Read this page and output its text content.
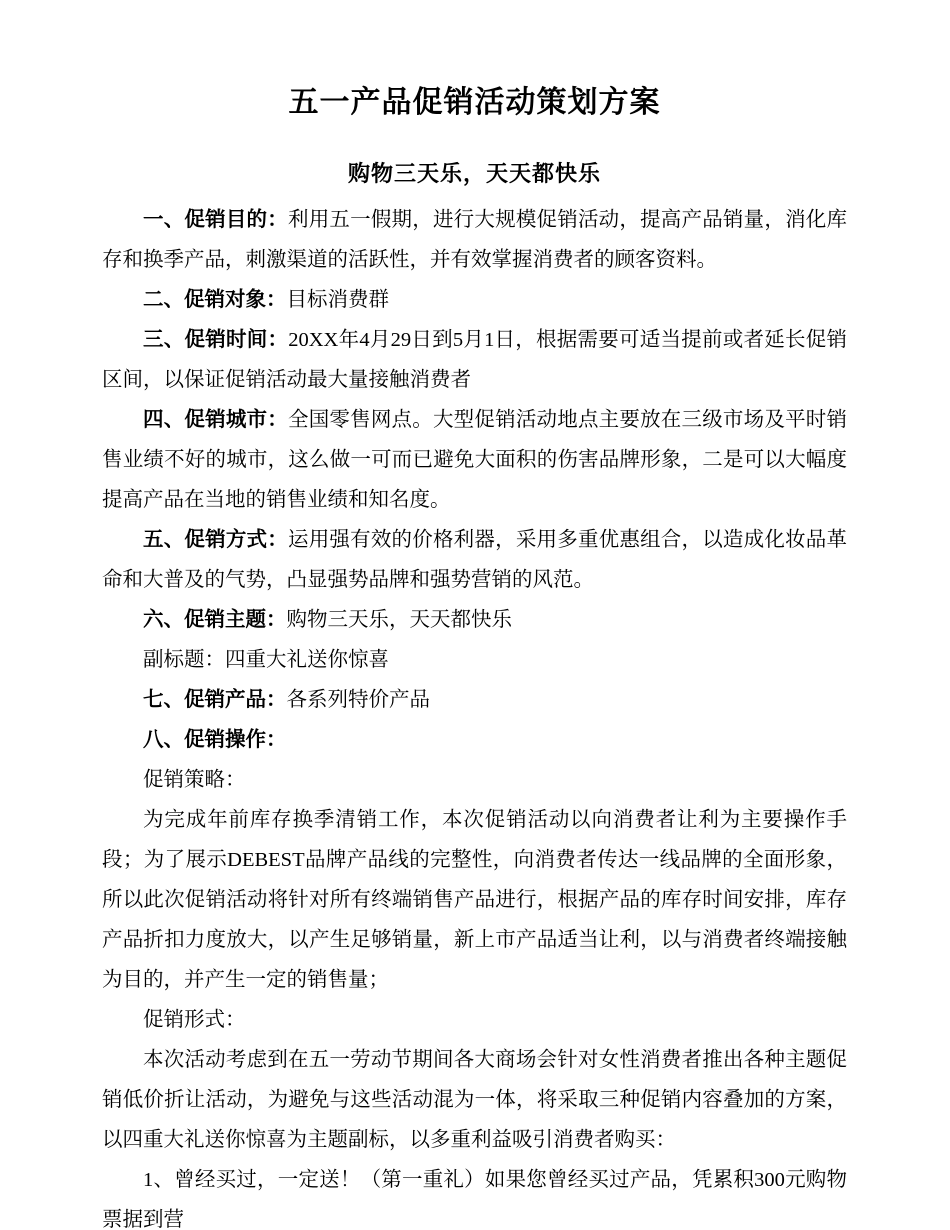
五一产品促销活动策划方案
购物三天乐，天天都快乐

一、促销目的：利用五一假期，进行大规模促销活动，提高产品销量，消化库存和换季产品，刺激渠道的活跃性，并有效掌握消费者的顾客资料。

二、促销对象：目标消费群

三、促销时间：20XX年4月29日到5月1日，根据需要可适当提前或者延长促销区间，以保证促销活动最大量接触消费者

四、促销城市：全国零售网点。大型促销活动地点主要放在三级市场及平时销售业绩不好的城市，这么做一可而已避免大面积的伤害品牌形象，二是可以大幅度提高产品在当地的销售业绩和知名度。

五、促销方式：运用强有效的价格利器，采用多重优惠组合，以造成化妆品革命和大普及的气势，凸显强势品牌和强势营销的风范。

六、促销主题：购物三天乐，天天都快乐

副标题：四重大礼送你惊喜

七、促销产品：各系列特价产品

八、促销操作：

促销策略：

为完成年前库存换季清销工作，本次促销活动以向消费者让利为主要操作手段；为了展示DEBEST品牌产品线的完整性，向消费者传达一线品牌的全面形象，所以此次促销活动将针对所有终端销售产品进行，根据产品的库存时间安排，库存产品折扣力度放大，以产生足够销量，新上市产品适当让利，以与消费者终端接触为目的，并产生一定的销售量；

促销形式：

本次活动考虑到在五一劳动节期间各大商场会针对女性消费者推出各种主题促销低价折让活动，为避免与这些活动混为一体，将采取三种促销内容叠加的方案，以四重大礼送你惊喜为主题副标，以多重利益吸引消费者购买：

1、曾经买过，一定送！（第一重礼）如果您曾经买过产品，凭累积300元购物票据到营
